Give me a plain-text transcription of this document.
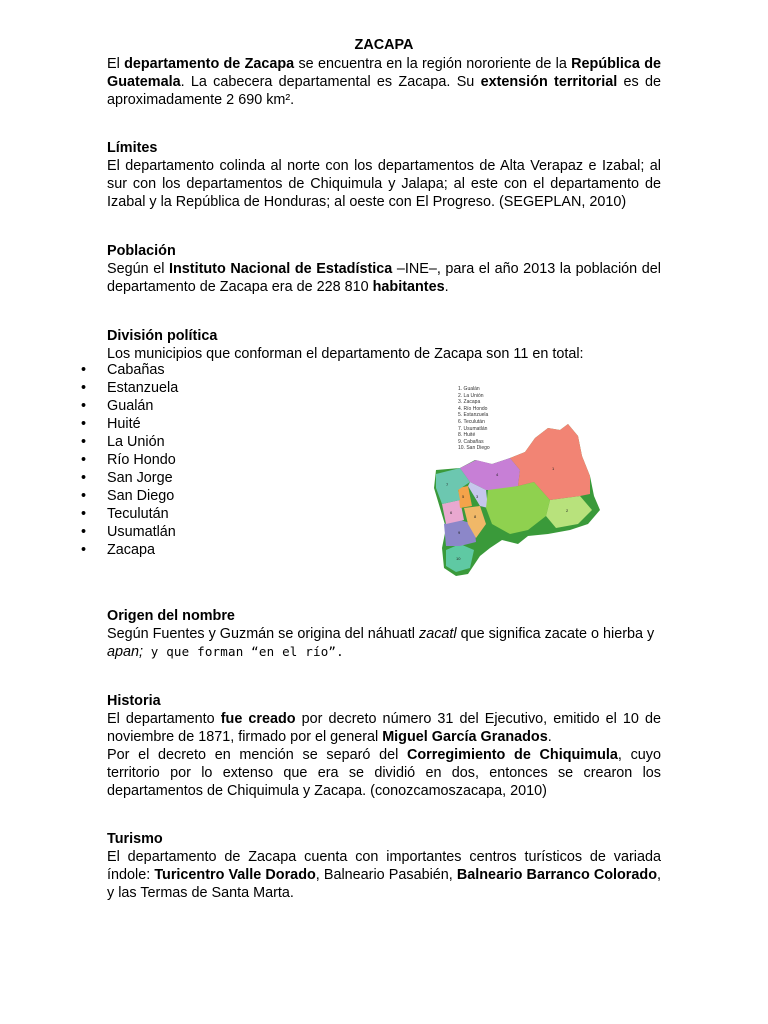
ZACAPA
El departamento de Zacapa se encuentra en la región nororiente de la República de Guatemala. La cabecera departamental es Zacapa. Su extensión territorial es de aproximadamente 2 690 km².

Límites

El departamento colinda al norte con los departamentos de Alta Verapaz e Izabal; al sur con los departamentos de Chiquimula y Jalapa; al este con el departamento de Izabal y la República de Honduras; al oeste con El Progreso. (SEGEPLAN, 2010)

Población

Según el Instituto Nacional de Estadística –INE–, para el año 2013 la población del departamento de Zacapa era de 228 810 habitantes.

División política

Los municipios que conforman el departamento de Zacapa son 11 en total:

• Cabañas
• Estanzuela
• Gualán
• Huité
• La Unión
• Río Hondo
• San Jorge
• San Diego
• Teculután
• Usumatlán
• Zacapa
1. Gualán
2. La Unión
3. Zacapa
4. Río Hondo
5. Estanzuela
6. Teculután
7. Usumatlán
8. Huité
9. Cabañas
10. San Diego
1
2
3
4
5
6
7
8
9
10

Origen del nombre

Según Fuentes y Guzmán se origina del náhuatl zacatl que significa zacate o hierba y apan; y que forman “en el río”.

Historia

El departamento fue creado por decreto número 31 del Ejecutivo, emitido el 10 de noviembre de 1871, firmado por el general Miguel García Granados.

Por el decreto en mención se separó del Corregimiento de Chiquimula, cuyo territorio por lo extenso que era se dividió en dos, entonces se crearon los departamentos de Chiquimula y Zacapa. (conozcamoszacapa, 2010)

Turismo

El departamento de Zacapa cuenta con importantes centros turísticos de variada índole: Turicentro Valle Dorado, Balneario Pasabién, Balneario Barranco Colorado, y las Termas de Santa Marta.
